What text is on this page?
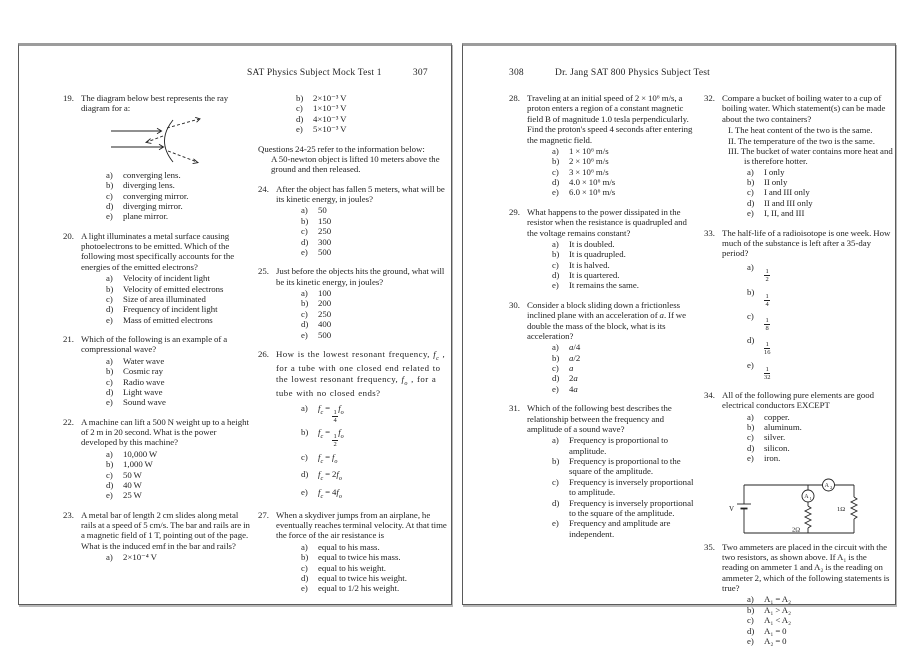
SAT Physics Subject Mock Test 1	307
19. The diagram below best represents the ray diagram for a:
a)	converging lens.
b)	diverging lens.
c)	converging mirror.
d)	diverging mirror.
e)	plane mirror.
20. A light illuminates a metal surface causing photoelectrons to be emitted. Which of the following most specifically accounts for the energies of the emitted electrons?
a)	Velocity of incident light
b)	Velocity of emitted electrons
c)	Size of area illuminated
d)	Frequency of incident light
e)	Mass of emitted electrons
21. Which of the following is an example of a compressional wave?
a)	Water wave
b)	Cosmic ray
c)	Radio wave
d)	Light wave
e)	Sound wave
22. A machine can lift a 500 N weight up to a height of 2 m in 20 second. What is the power developed by this machine?
a)	10,000 W
b)	1,000 W
c)	50 W
d)	40 W
e)	25 W
23. A metal bar of length 2 cm slides along metal rails at a speed of 5 cm/s. The bar and rails are in a magnetic field of 1 T, pointing out of the page. What is the induced emf in the bar and rails?
a)	2×10⁻⁴ V
b)	2×10⁻³ V
c)	1×10⁻³ V
d)	4×10⁻³ V
e)	5×10⁻³ V
Questions 24-25 refer to the information below:
A 50-newton object is lifted 10 meters above the ground and then released.
24. After the object has fallen 5 meters, what will be its kinetic energy, in joules?
a)	50
b)	150
c)	250
d)	300
e)	500
25. Just before the objects hits the ground, what will be its kinetic energy, in joules?
a)	100
b)	200
c)	250
d)	400
e)	500
26. How is the lowest resonant frequency, $f_c$ , for a tube with one closed end related to the lowest resonant frequency, $f_o$ , for a tube with no closed ends?
a)	$f_c$ =
$\frac{1}{4}$
$f_o$
b)	$f_c$ =
$\frac{1}{2}$
$f_o$
c)	$f_c = f_o$
d)	$f_c = 2f_o$
e)	$f_c = 4f_o$
27. When a skydiver jumps from an airplane, he eventually reaches terminal velocity. At that time the force of the air resistance is
a)	equal to his mass.
b)	equal to twice his mass.
c)	equal to his weight.
d)	equal to twice his weight.
e)	equal to 1/2 his weight.
308	Dr. Jang SAT 800 Physics Subject Test
28. Traveling at an initial speed of 2 × 10⁶ m/s, a proton enters a region of a constant magnetic field B of magnitude 1.0 tesla perpendicularly. Find the proton's speed 4 seconds after entering the magnetic field.
a)	1 × 10⁶ m/s
b)	2 × 10⁶ m/s
c)	3 × 10⁶ m/s
d)	4.0 × 10⁶ m/s
e)	6.0 × 10⁶ m/s
29. What happens to the power dissipated in the resistor when the resistance is quadrupled and the voltage remains constant?
a)	It is doubled.
b)	It is quadrupled.
c)	It is halved.
d)	It is quartered.
e)	It remains the same.
30. Consider a block sliding down a frictionless inclined plane with an acceleration of a. If we double the mass of the block, what is its acceleration?
a)	a/4
b)	a/2
c)	a
d)	2a
e)	4a
31. Which of the following best describes the relationship between the frequency and amplitude of a sound wave?
a)	Frequency is proportional to amplitude.
b)	Frequency is proportional to the square of the amplitude.
c)	Frequency is inversely proportional to amplitude.
d)	Frequency is inversely proportional to the square of the amplitude.
e)	Frequency and amplitude are independent.
32. Compare a bucket of boiling water to a cup of boiling water. Which statement(s) can be made about the two containers?
I. The heat content of the two is the same.
II. The temperature of the two is the same.
III. The bucket of water contains more heat and is therefore hotter.
a)	I only
b)	II only
c)	I and III only
d)	II and III only
e)	I, II, and III
33. The half-life of a radioisotope is one week. How much of the substance is left after a 35-day period?
a)
$\frac{1}{2}$
b)
$\frac{1}{4}$
c)
$\frac{1}{8}$
d)
$\frac{1}{16}$
e)
$\frac{1}{32}$
34. All of the following pure elements are good electrical conductors EXCEPT
a)	copper.
b)	aluminum.
c)	silver.
d)	silicon.
e)	iron.
A 2
A 1
V	1Ω
2Ω
35. Two ammeters are placed in the circuit with the two resistors, as shown above. If A₁ is the reading on ammeter 1 and A₂ is the reading on ammeter 2, which of the following statements is true?
a)	A₁ = A₂
b)	A₁ > A₂
c)	A₁ < A₂
d)	A₁ = 0
e)	A₂ = 0
